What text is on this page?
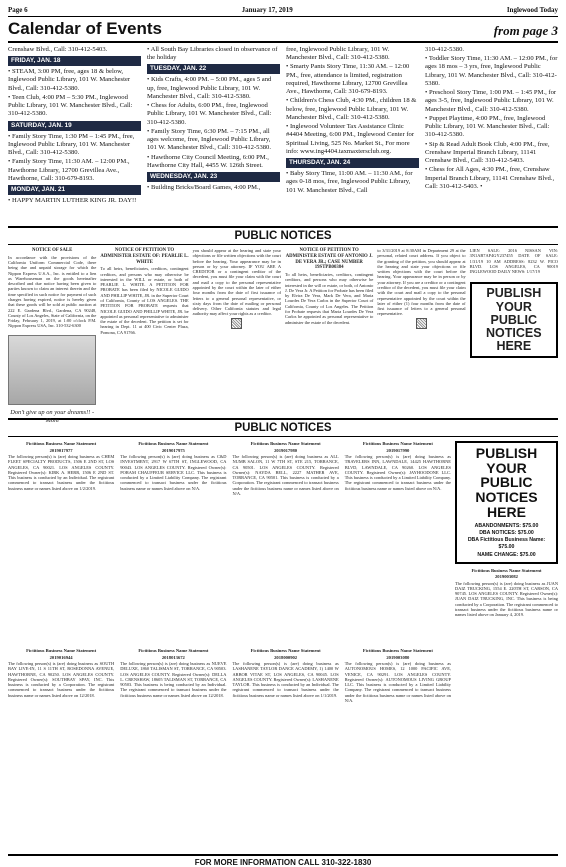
Page 6	January 17, 2019	Inglewood Today
Calendar of Events	from page 3

Crenshaw Blvd., Call: 310-412-5403.

FRIDAY, JAN. 18

• STEAM, 3:00 PM, free, ages 18 & below, Inglewood Public Library, 101 W. Manchester Blvd., Call: 310-412-5380.

• Teen Club, 4:00 PM – 5:30 PM., Inglewood Public Library, 101 W. Manchester Blvd., Call: 310-412-5380.

SATURDAY, JAN. 19

• Family Story Time, 1:30 PM – 1:45 PM., free, Inglewood Public Library, 101 W. Manchester Blvd., Call: 310-412-5380.

• Family Story Time, 11:30 AM. – 12:00 PM., Hawthorne Library, 12700 Grevillea Ave., Hawthorne, Call: 310-679-8193.

MONDAY, JAN. 21

• HAPPY MARTIN LUTHER KING JR. DAY!!

• All South Bay Libraries closed in observance of the holiday

TUESDAY, JAN. 22

• Kids Crafts, 4:00 PM. – 5:00 PM., ages 5 and up, free, Inglewood Public Library, 101 W. Manchester Blvd., Call: 310-412-5380.

• Chess for Adults, 6:00 PM., free, Inglewood Public Library, 101 W. Manchester Blvd., Call: 310-412-5380.

• Family Story Time, 6:30 PM. – 7:15 PM., all ages welcome, free, Inglewood Public Library, 101 W. Manchester Blvd., Call: 310-412-5380.

• Hawthorne City Council Meeting, 6:00 PM., Hawthorne City Hall, 4455 W. 126th Street.

WEDNESDAY, JAN. 23

• Building Bricks/Board Games, 4:00 PM.,

free, Inglewood Public Library, 101 W. Manchester Blvd., Call: 310-412-5380.

• Smarty Pants Story Time, 11:30 AM. – 12:00 PM., free, attendance is limited, registration required, Hawthorne Library, 12700 Grevillea Ave., Hawthorne, Call: 310-679-8193.

• Children's Chess Club, 4:30 PM., children 18 & below, free, Inglewood Public Library, 101 W. Manchester Blvd., Call: 310-412-5380.

• Inglewood Volunteer Tax Assistance Clinic #4404 Meeting, 6:00 PM., Inglewood Center for Spiritual Living, 525 No. Market St., For more info: www.ing4404.taxmaxtersclub.org.

THURSDAY, JAN. 24

• Baby Story Time, 11:00 AM. – 11:30 AM., for ages 0-18 mos, free, Inglewood Public Library, 101 W. Manchester Blvd., Call

310-412-5380.

• Toddler Story Time, 11:30 AM. – 12:00 PM., for ages 18 mos – 3 yrs, free, Inglewood Public Library, 101 W. Manchester Blvd., Call: 310-412-5380.

• Preschool Story Time, 1:00 PM. – 1:45 PM., for ages 3-5, free, Inglewood Public Library, 101 W. Manchester Blvd., Call: 310-412-5380.

• Puppet Playtime, 4:00 PM., free, Inglewood Public Library, 101 W. Manchester Blvd., Call: 310-412-5380.

• Sip & Read Adult Book Club, 4:00 PM., free, Crenshaw Imperial Branch Library, 11141 Crenshaw Blvd., Call: 310-412-5403.

• Chess for All Ages, 4:30 PM., free, Crenshaw Imperial Branch Library, 11141 Crenshaw Blvd., Call: 310-412-5403. •

PUBLIC NOTICES
NOTICE OF SALE
In accordance with the provisions of the California Uniform Commercial Code, there being due and unpaid storage for which the Nippon Express U.S.A., Inc. is entitled to a lien as Warehouseman on the goods hereinafter described and due notice having been given to parties known to claim an interest therein and the time specified in such notice for payment of such charges having expired, notice is hereby given that these goods will be sold at public auction at 222 E. Gardena Blvd., Gardena, CA 90248, County of Los Angeles, State of California, on the Friday, February 1, 2019, at 1:00 o'clock P.M. Nippon Express USA, Inc. 310-532-6300
Don't give up on your dreams!! - Mom
NOTICE OF PETITION TO ADMINISTER ESTATE OF: PEARLIE L. WHITE
To all heirs, beneficiaries, creditors, contingent creditors, and persons who may otherwise be interested in the WILL or estate, or both of PEARLIE L. WHITE. A PETITION FOR PROBATE has been filed by NICOLE GUIDO AND PHILLIP WHITE, JR. in the Superior Court of California, County of LOS ANGELES. THE PETITION FOR PROBATE requests that NICOLE GUIDO AND PHILLIP WHITE, JR. be appointed as personal representative to administer the estate of the decedent. The petition is set for hearing in Dept. 11 at 400 Civic Center Plaza, Pomona, CA 91766.
you should appear at the hearing and state your objections or file written objections with the court before the hearing. Your appearance may be in person or by your attorney. IF YOU ARE A CREDITOR or a contingent creditor of the decedent, you must file your claim with the court and mail a copy to the personal representative appointed by the court within the later of either four months from the date of first issuance of letters to a general personal representative, or sixty days from the date of mailing or personal delivery. Other California statutes and legal authority may affect your rights as a creditor.
NOTICE OF PETITION TO ADMINISTER ESTATE OF ANTONIO J. DE VERA JR.; CASE NUMBER 19STPB00384
To all heirs, beneficiaries, creditors, contingent creditors, and persons who may otherwise be interested in the will or estate, or both, of Antonio J. De Vera Jr. A Petition for Probate has been filed by Elvira De Vera, Mark De Vera, and Maria Lourdes De Vera Carlos in the Superior Court of California, County of Los Angeles. The Petition for Probate requests that Maria Lourdes De Vera Carlos be appointed as personal representative to administer the estate of the decedent.
to 3/31/2019 at 8:30AM in Department 29 at the personal, related court address. If you object to the granting of the petition, you should appear at the hearing and state your objections or file written objections with the court before the hearing. Your appearance may be in person or by your attorney. If you are a creditor or a contingent creditor of the decedent, you must file your claim with the court and mail a copy to the personal representative appointed by the court within the later of either (1) four months from the date of first issuance of letters to a general personal representative.
LIEN SALE: 2016 NISSAN VIN: 3N1AB7AP4GY237455 DATE OF SALE: 1/31/19 10 AM ADDRESS: 8232 W. PICO BLVD. LOS ANGELES, CA 90019 INGLEWOOD DAILY NEWS: 1/17/19
PUBLISH
YOUR
PUBLIC
NOTICES
HERE
PUBLIC NOTICES
Fictitious Business Name Statement
2019017977
The following person(s) is (are) doing business as CHEM FLEET SPECIALTY PRODUCTS, 1506 E 2ND ST, LOS ANGELES, CA 90021. LOS ANGELES COUNTY. Registered Owner(s): KIRK A. HERR, 1506 E 2ND ST. This business is conducted by an Individual. The registrant commenced to transact business under the fictitious business name or names listed above on 1/2/2019.
Fictitious Business Name Statement
2019017975
The following person(s) is (are) doing business as C&D INVESTMENT, 2917 W 67TH ST, INGLEWOOD, CA 90043. LOS ANGELES COUNTY. Registered Owner(s): PORAM CHAUFFEUR SERVICE LLC. This business is conducted by a Limited Liability Company. The registrant commenced to transact business under the fictitious business name or names listed above on N/A.
Fictitious Business Name Statement
2019017980
The following person(s) is (are) doing business as ALL NUMB SALON, 11 W 7TH ST, STE 215, TORRANCE, CA 90501. LOS ANGELES COUNTY. Registered Owner(s): NAYDA BELL, 2227 MATHER AVE, TORRANCE, CA 90501. This business is conducted by a Corporation. The registrant commenced to transact business under the fictitious business name or names listed above on N/A.
Fictitious Business Name Statement
2019017990
The following person(s) is (are) doing business as TRAVELERS INN, LAWNDALE, 14425 HAWTHORNE BLVD, LAWNDALE, CA 90260. LOS ANGELES COUNTY. Registered Owner(s): JAYHOODONE LLC. This business is conducted by a Limited Liability Company. The registrant commenced to transact business under the fictitious business name or names listed above on N/A.
Fictitious Business Name Statement
2019016944
The following person(s) is (are) doing business as SOUTH BAY LIVE-IN, 11 S 11TH ST, ROSEDONNA AVENUE, HAWTHORNE, CA 90250. LOS ANGELES COUNTY. Registered Owner(s): SOUTHBAY SPAY, INC. This business is conducted by a Corporation. The registrant commenced to transact business under the fictitious business name or names listed above on 12/2018.
Fictitious Business Name Statement
2018013672
The following person(s) is (are) doing business as NUEVE DELUXE, 1860 TALISMAN ST, TORRANCE, CA 90503. LOS ANGELES COUNTY. Registered Owner(s): DELLA L. CRENSHAW, 18605 TALISMAN ST, TORRANCE, CA 90503. This business is being conducted by an Individual. The registrant commenced to transact business under the fictitious business name or names listed above on 12/2018.
Fictitious Business Name Statement
2018000902
The following person(s) is (are) doing business as LASHANENE TAYLOR DANCE ACADEMY, 1) 1400 W ARBOR VITAE ST, LOS ANGELES, CA 90045. LOS ANGELES COUNTY. Registered Owner(s): LASHANENE TAYLOR. This business is conducted by an Individual. The registrant commenced to transact business under the fictitious business name or names listed above on 1/1/2019.
Fictitious Business Name Statement
2019003080
The following person(s) is (are) doing business as AUTONOMOUS HOMES, 12 1000 PACIFIC AVE, VENICE, CA 90291. LOS ANGELES COUNTY. Registered Owner(s): AUTONOMOUS LIVING GROUP LLC. This business is conducted by a Limited Liability Company. The registrant commenced to transact business under the fictitious business name or names listed above on N/A.
PUBLISH
YOUR
PUBLIC
NOTICES
HERE
ABANDONMENTS: $75.00
DBA NOTICES: $75.00
DBA Fictitious Business Name: $75.00
NAME CHANGE: $75.00
Fictitious Business Name Statement
2019003082
The following person(s) is (are) doing business as JUAN DAIZ TRUCKING, 1554 E. 220TH ST, CARSON, CA 90745. LOS ANGELES COUNTY. Registered Owner(s): JUAN DAIZ TRUCKING, INC. This business is being conducted by a Corporation. The registrant commenced to transact business under the fictitious business name or names listed above on January 4, 2019.
FOR MORE INFORMATION CALL 310-322-1830
